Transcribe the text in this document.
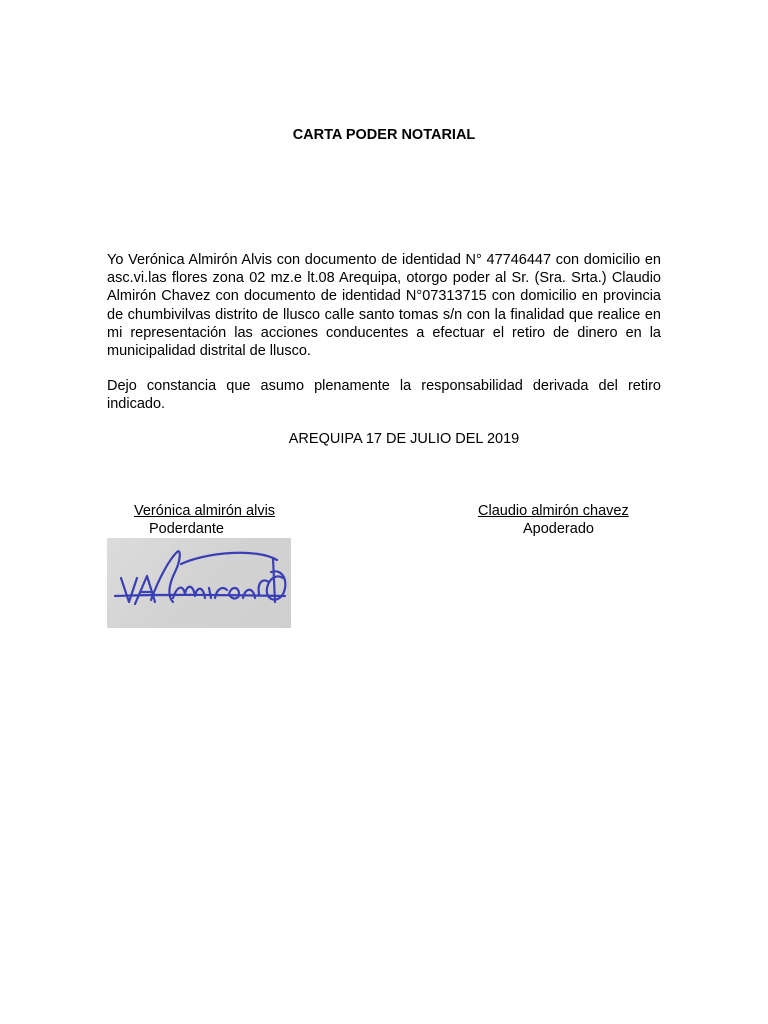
CARTA PODER NOTARIAL
Yo Verónica Almirón Alvis con documento de identidad N° 47746447 con domicilio en asc.vi.las flores zona 02 mz.e lt.08 Arequipa, otorgo poder al Sr. (Sra. Srta.) Claudio Almirón Chavez con documento de identidad N°07313715 con domicilio en provincia de chumbivilvas distrito de llusco calle santo tomas s/n con la finalidad que realice en mi representación las acciones conducentes a efectuar el retiro de dinero en la municipalidad distrital de llusco.
Dejo constancia que asumo plenamente la responsabilidad derivada del retiro indicado.
AREQUIPA 17 DE JULIO DEL 2019
Verónica almirón alvis
Poderdante
Claudio almirón chavez
Apoderado
